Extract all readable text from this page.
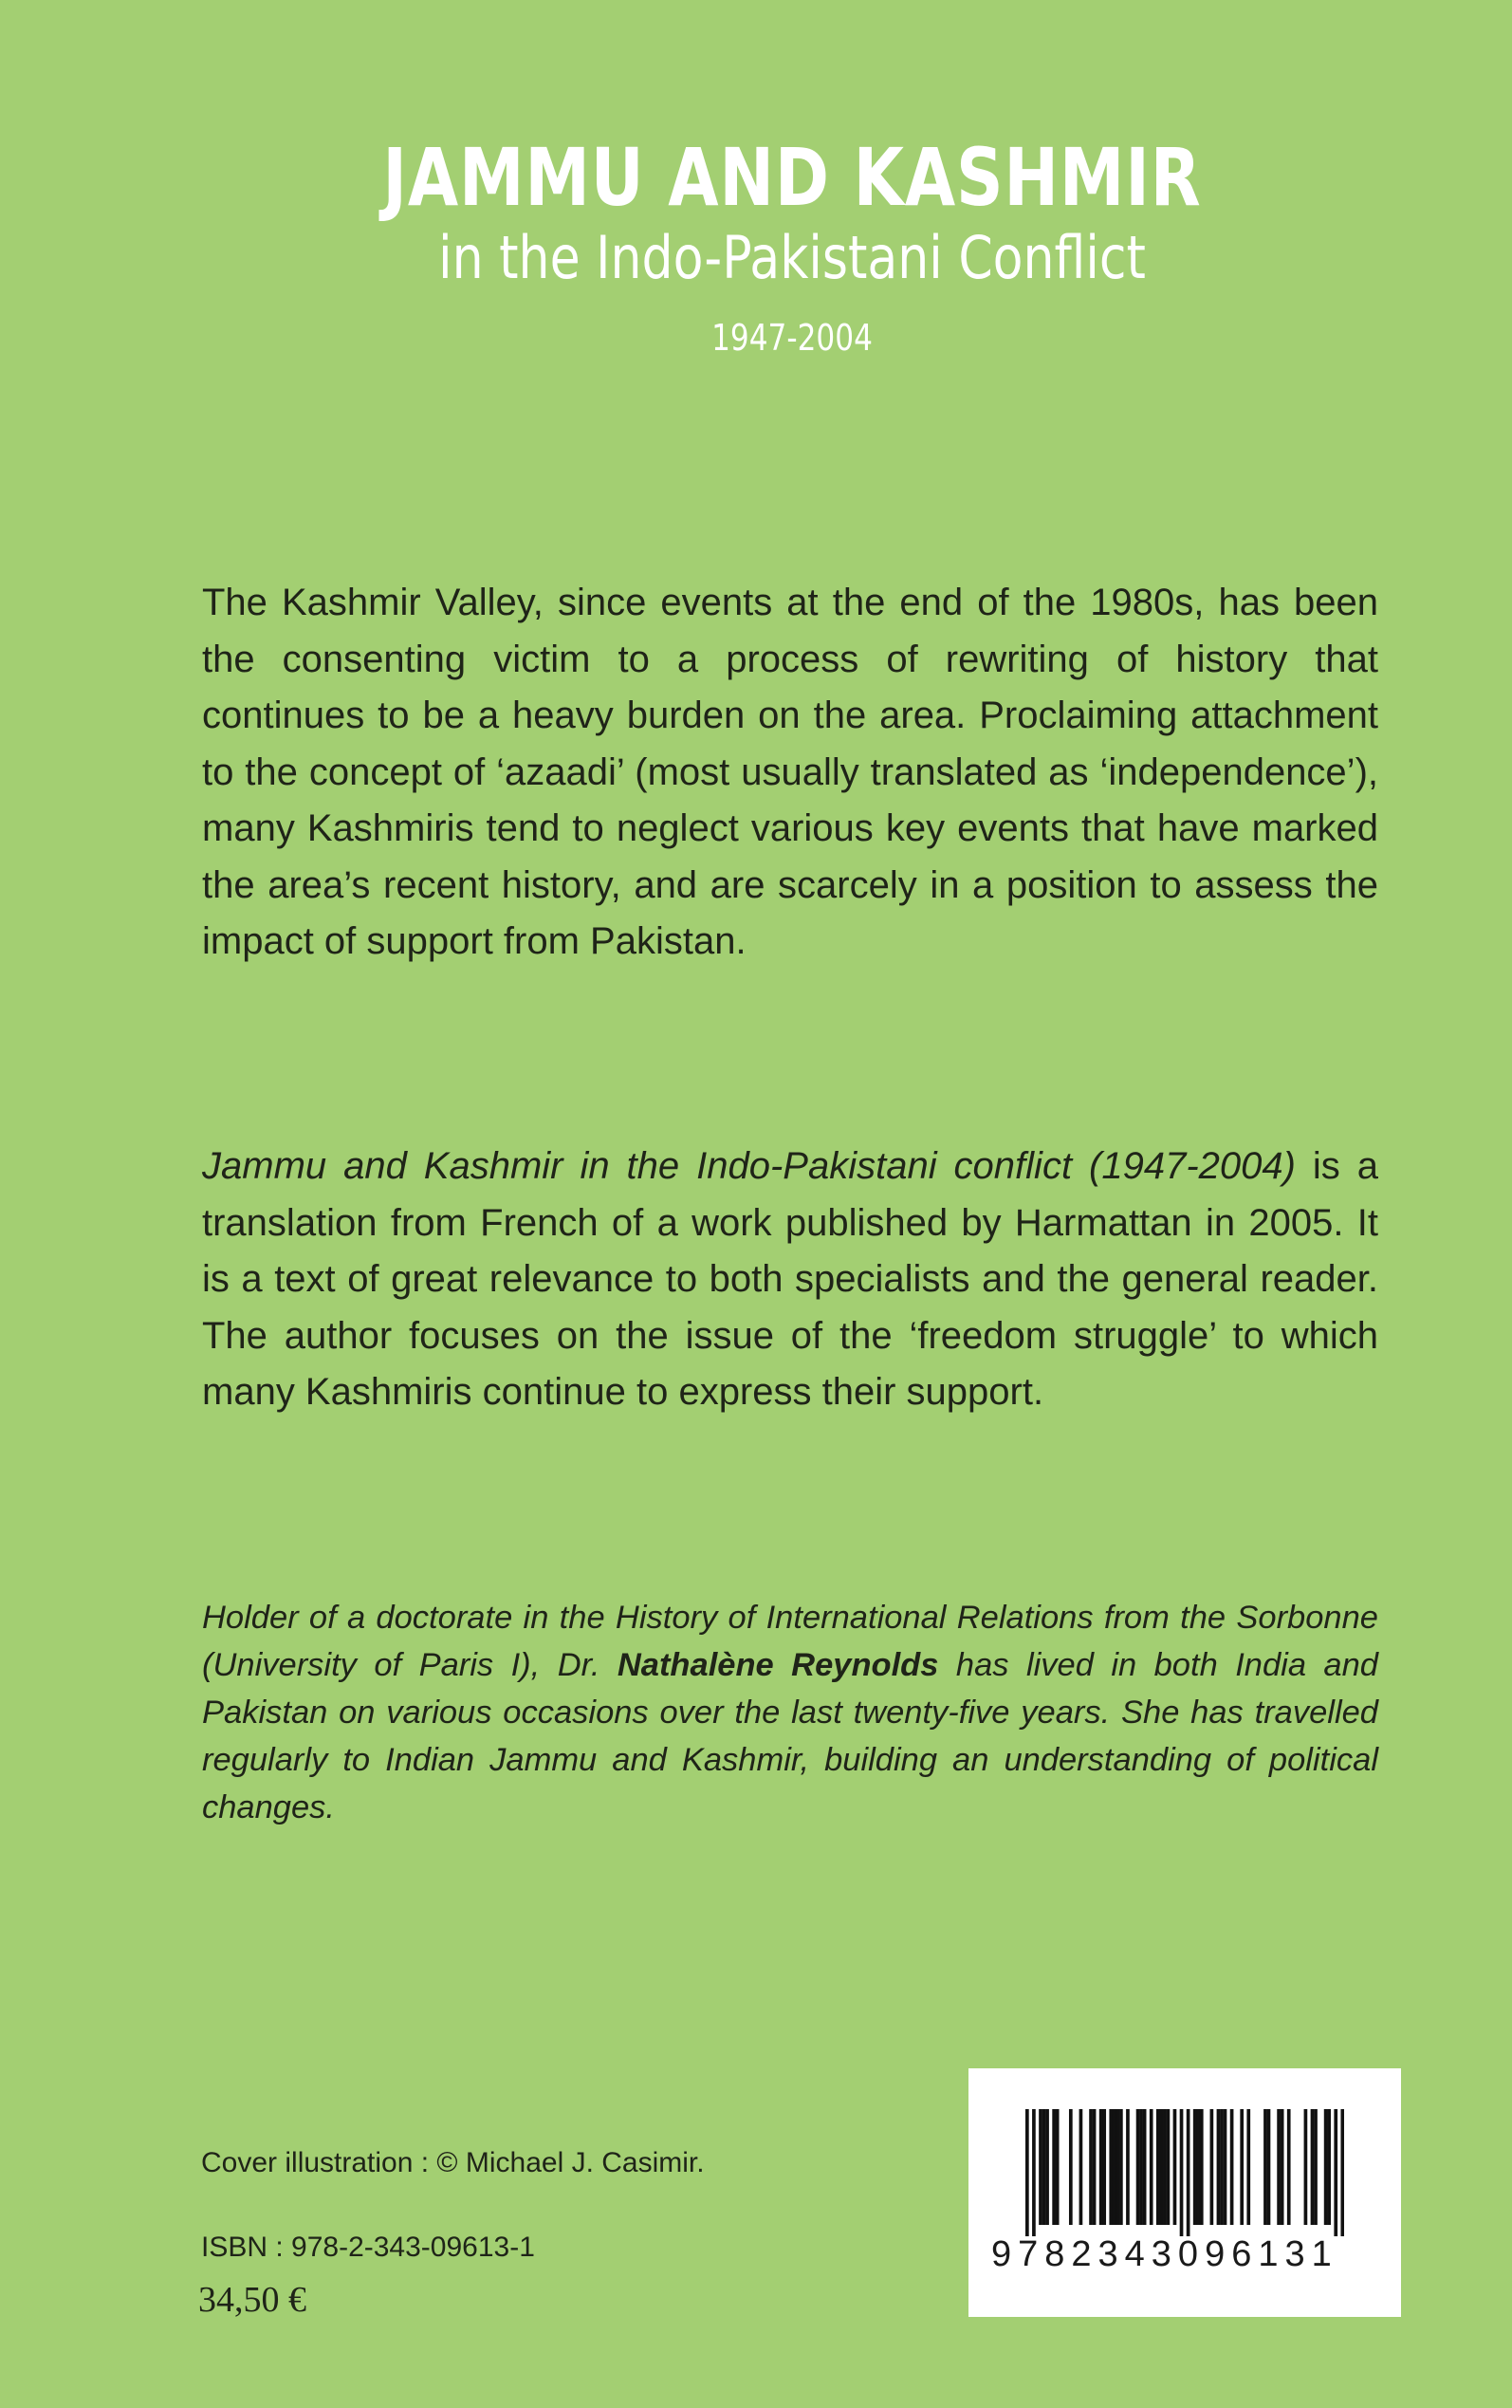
JAMMU AND KASHMIR
in the Indo-Pakistani Conflict
1947-2004

The Kashmir Valley, since events at the end of the 1980s, has been the consenting victim to a process of rewriting of history that continues to be a heavy burden on the area. Proclaiming attachment to the concept of ‘azaadi’ (most usually translated as ‘independence’), many Kashmiris tend to neglect various key events that have marked the area’s recent history, and are scarcely in a position to assess the impact of support from Pakistan.

Jammu and Kashmir in the Indo-Pakistani conflict (1947-2004) is a translation from French of a work published by Harmattan in 2005. It is a text of great relevance to both specialists and the general reader. The author focuses on the issue of the ‘freedom struggle’ to which many Kashmiris continue to express their support.

Holder of a doctorate in the History of International Relations from the Sorbonne (University of Paris I), Dr. Nathalène Reynolds has lived in both India and Pakistan on various occasions over the last twenty-five years. She has travelled regularly to Indian Jammu and Kashmir, building an understanding of political changes.

Cover illustration : © Michael J. Casimir.

ISBN : 978-2-343-09613-1

34,50 €

9782343096131
